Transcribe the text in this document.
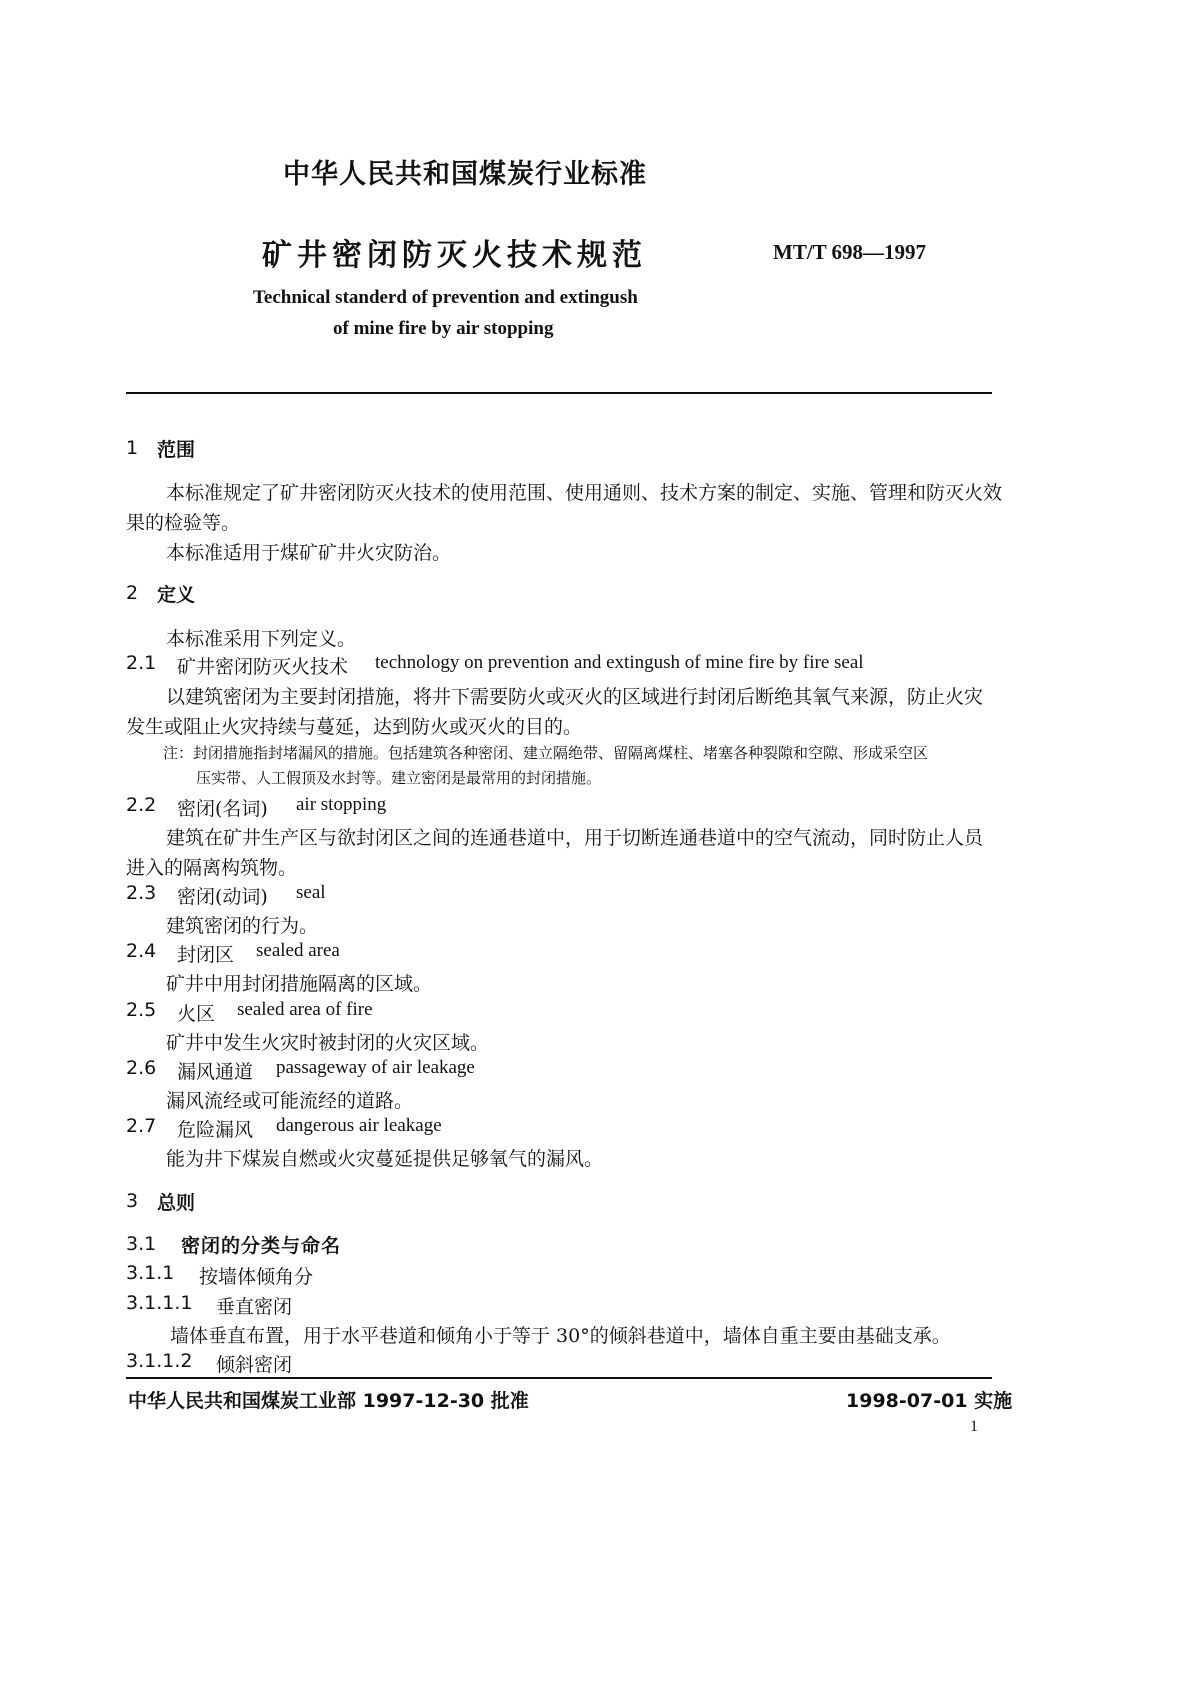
中华人民共和国煤炭行业标准
矿井密闭防灭火技术规范	MT/T 698—1997
Technical standerd of prevention and extingush
of mine fire by air stopping
1 范围
本标准规定了矿井密闭防灭火技术的使用范围、使用通则、技术方案的制定、实施、管理和防灭火效
果的检验等。
本标准适用于煤矿矿井火灾防治。
2 定义
本标准采用下列定义。
2.1 矿井密闭防灭火技术 technology on prevention and extingush of mine fire by fire seal
以建筑密闭为主要封闭措施，将井下需要防火或灭火的区域进行封闭后断绝其氧气来源，防止火灾
发生或阻止火灾持续与蔓延，达到防火或灭火的目的。
注：封闭措施指封堵漏风的措施。包括建筑各种密闭、建立隔绝带、留隔离煤柱、堵塞各种裂隙和空隙、形成采空区
压实带、人工假顶及水封等。建立密闭是最常用的封闭措施。
2.2 密闭(名词) air stopping
建筑在矿井生产区与欲封闭区之间的连通巷道中，用于切断连通巷道中的空气流动，同时防止人员
进入的隔离构筑物。
2.3 密闭(动词) seal
建筑密闭的行为。
2.4 封闭区 sealed area
矿井中用封闭措施隔离的区域。
2.5 火区 sealed area of fire
矿井中发生火灾时被封闭的火灾区域。
2.6 漏风通道 passageway of air leakage
漏风流经或可能流经的道路。
2.7 危险漏风 dangerous air leakage
能为井下煤炭自燃或火灾蔓延提供足够氧气的漏风。
3 总则
3.1 密闭的分类与命名
3.1.1 按墙体倾角分
3.1.1.1 垂直密闭
墙体垂直布置，用于水平巷道和倾角小于等于 30°的倾斜巷道中，墙体自重主要由基础支承。
3.1.1.2 倾斜密闭
中华人民共和国煤炭工业部 1997-12-30 批准	1998-07-01 实施
1
